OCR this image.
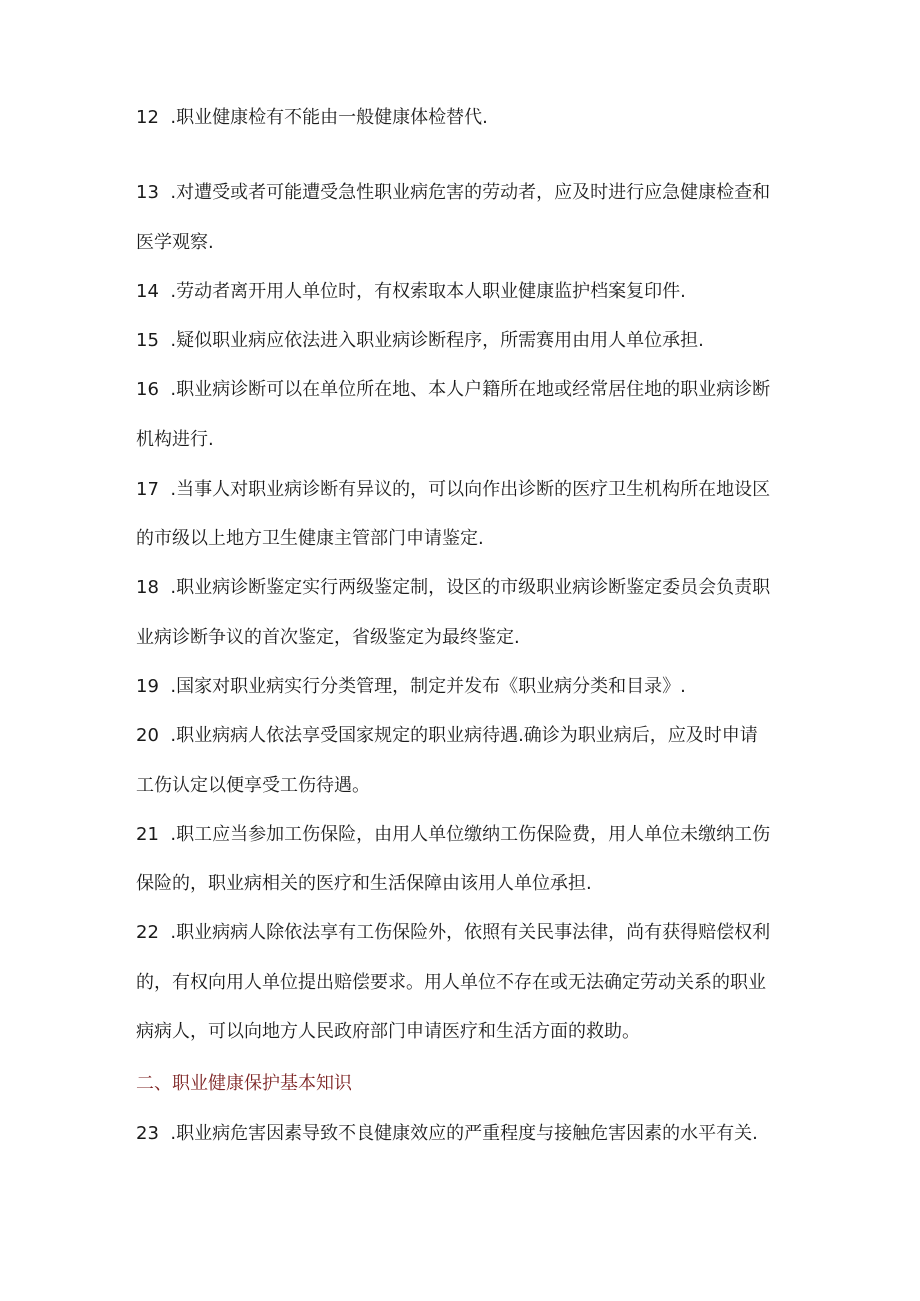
12  .职业健康检有不能由一般健康体检替代.
13  .对遭受或者可能遭受急性职业病危害的劳动者，应及时进行应急健康检查和
医学观察.
14  .劳动者离开用人单位时，有权索取本人职业健康监护档案复印件.
15  .疑似职业病应依法进入职业病诊断程序，所需赛用由用人单位承担.
16  .职业病诊断可以在单位所在地、本人户籍所在地或经常居住地的职业病诊断
机构进行.
17  .当事人对职业病诊断有异议的，可以向作出诊断的医疗卫生机构所在地设区
的市级以上地方卫生健康主管部门申请鉴定.
18  .职业病诊断鉴定实行两级鉴定制，设区的市级职业病诊断鉴定委员会负责职
业病诊断争议的首次鉴定，省级鉴定为最终鉴定.
19  .国家对职业病实行分类管理，制定并发布《职业病分类和目录》.
20  .职业病病人依法享受国家规定的职业病待遇.确诊为职业病后，应及时申请
工伤认定以便享受工伤待遇。
21  .职工应当参加工伤保险，由用人单位缴纳工伤保险费，用人单位未缴纳工伤
保险的，职业病相关的医疗和生活保障由该用人单位承担.
22  .职业病病人除依法享有工伤保险外，依照有关民事法律，尚有获得赔偿权利
的，有权向用人单位提出赔偿要求。用人单位不存在或无法确定劳动关系的职业
病病人，可以向地方人民政府部门申请医疗和生活方面的救助。
二、职业健康保护基本知识
23  .职业病危害因素导致不良健康效应的严重程度与接触危害因素的水平有关.
